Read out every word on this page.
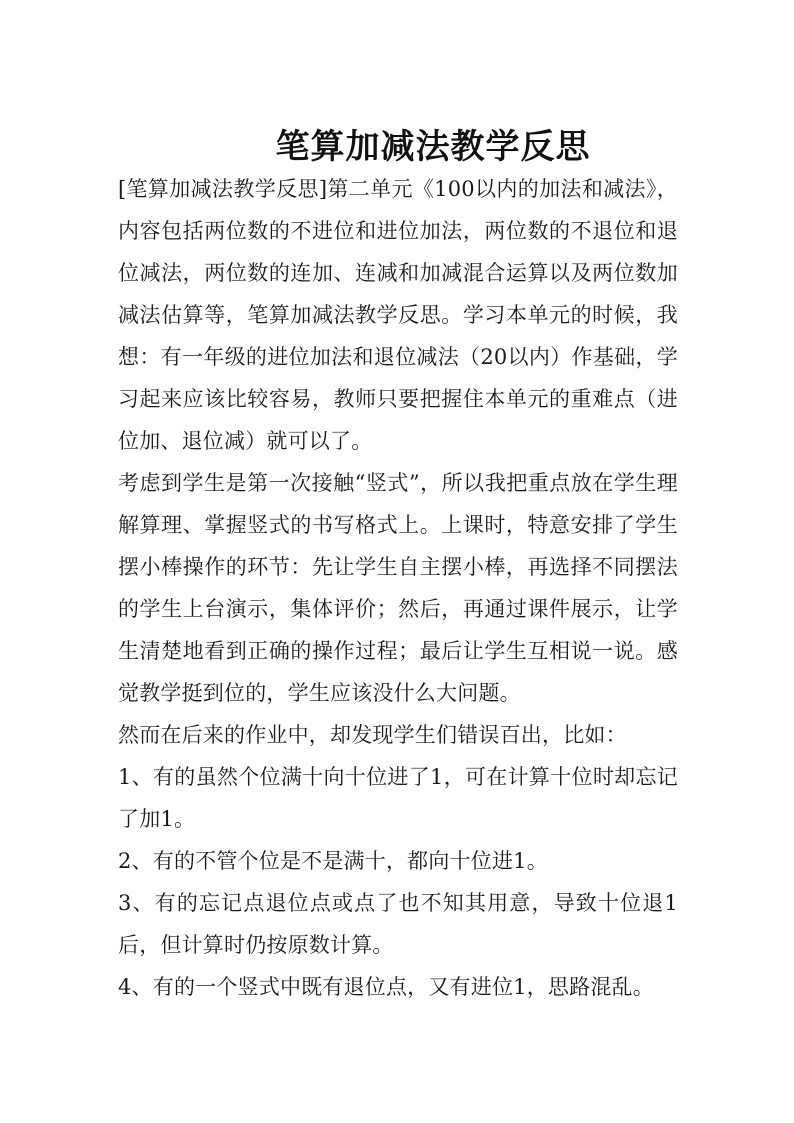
笔算加减法教学反思

[笔算加减法教学反思]第二单元《100以内的加法和减法》，内容包括两位数的不进位和进位加法，两位数的不退位和退位减法，两位数的连加、连减和加减混合运算以及两位数加减法估算等，笔算加减法教学反思。学习本单元的时候，我想：有一年级的进位加法和退位减法（20以内）作基础，学习起来应该比较容易，教师只要把握住本单元的重难点（进位加、退位减）就可以了。

考虑到学生是第一次接触“竖式”，所以我把重点放在学生理解算理、掌握竖式的书写格式上。上课时，特意安排了学生摆小棒操作的环节：先让学生自主摆小棒，再选择不同摆法的学生上台演示，集体评价；然后，再通过课件展示，让学生清楚地看到正确的操作过程；最后让学生互相说一说。感觉教学挺到位的，学生应该没什么大问题。

然而在后来的作业中，却发现学生们错误百出，比如：

1、有的虽然个位满十向十位进了1，可在计算十位时却忘记了加1。

2、有的不管个位是不是满十，都向十位进1。

3、有的忘记点退位点或点了也不知其用意，导致十位退1后，但计算时仍按原数计算。

4、有的一个竖式中既有退位点，又有进位1，思路混乱。
